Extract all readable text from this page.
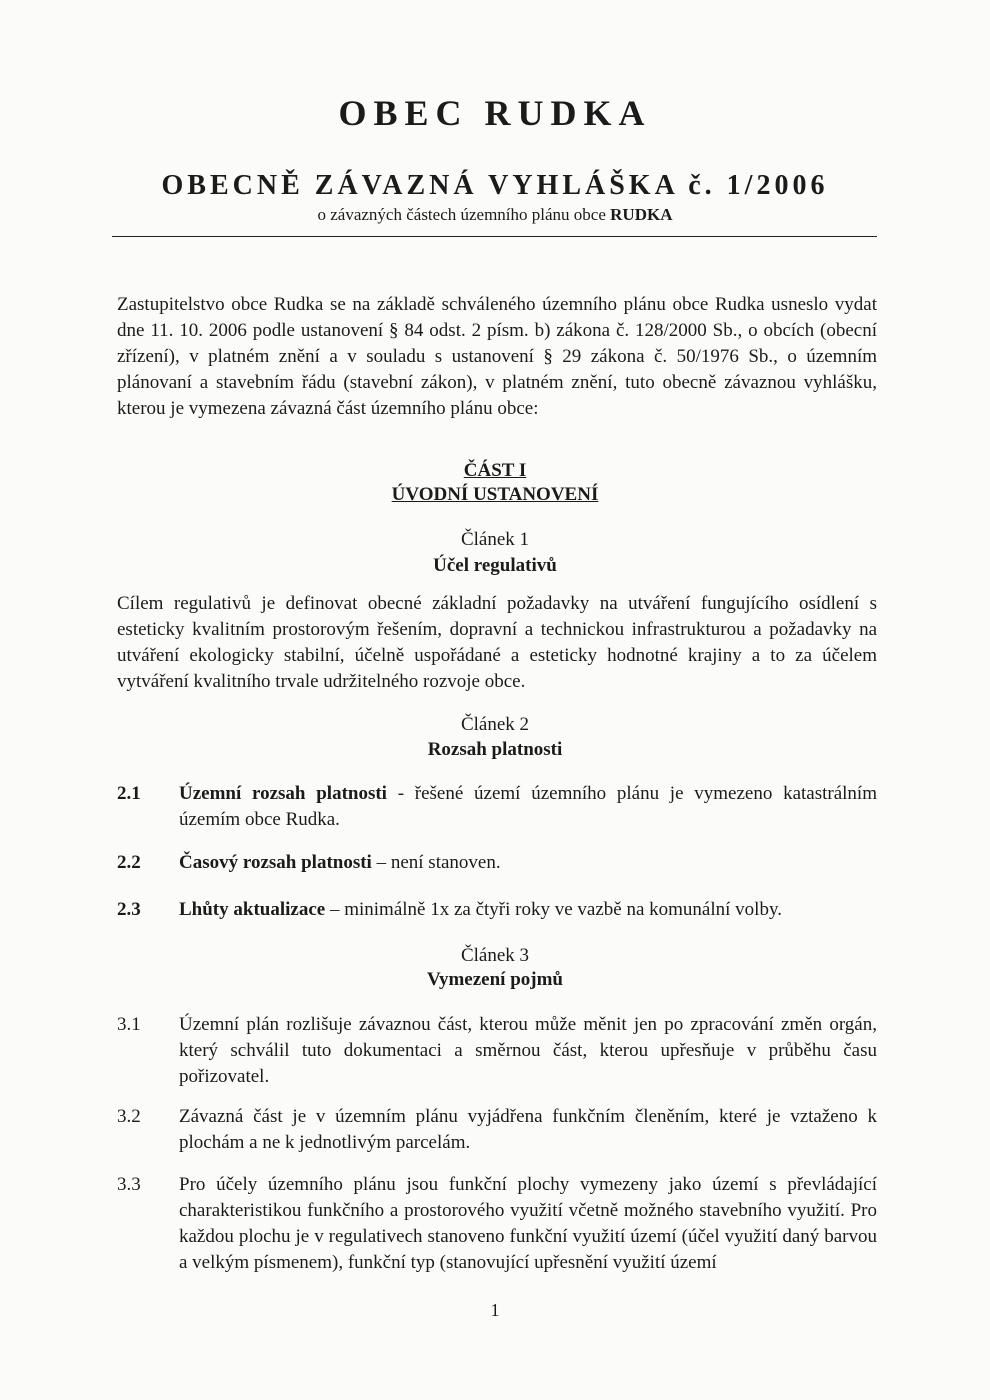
OBEC RUDKA
OBECNĚ ZÁVAZNÁ VYHLÁŠKA č. 1/2006
o závazných částech územního plánu obce RUDKA
Zastupitelstvo obce Rudka se na základě schváleného územního plánu obce Rudka usneslo vydat dne 11. 10. 2006 podle ustanovení § 84 odst. 2 písm. b) zákona č. 128/2000 Sb., o obcích (obecní zřízení), v platném znění a v souladu s ustanovení § 29 zákona č. 50/1976 Sb., o územním plánovaní a stavebním řádu (stavební zákon), v platném znění, tuto obecně závaznou vyhlášku, kterou je vymezena závazná část územního plánu obce:
ČÁST I
ÚVODNÍ USTANOVENÍ
Článek 1
Účel regulativů
Cílem regulativů je definovat obecné základní požadavky na utváření fungujícího osídlení s esteticky kvalitním prostorovým řešením, dopravní a technickou infrastrukturou a požadavky na utváření ekologicky stabilní, účelně uspořádané a esteticky hodnotné krajiny a to za účelem vytváření kvalitního trvale udržitelného rozvoje obce.
Článek 2
Rozsah platnosti
2.1	Územní rozsah platnosti - řešené území územního plánu je vymezeno katastrálním územím obce Rudka.
2.2	Časový rozsah platnosti – není stanoven.
2.3	Lhůty aktualizace – minimálně 1x za čtyři roky ve vazbě na komunální volby.
Článek 3
Vymezení pojmů
3.1	Územní plán rozlišuje závaznou část, kterou může měnit jen po zpracování změn orgán, který schválil tuto dokumentaci a směrnou část, kterou upřesňuje v průběhu času pořizovatel.
3.2	Závazná část je v územním plánu vyjádřena funkčním členěním, které je vztaženo k plochám a ne k jednotlivým parcelám.
3.3	Pro účely územního plánu jsou funkční plochy vymezeny jako území s převládající charakteristikou funkčního a prostorového využití včetně možného stavebního využití. Pro každou plochu je v regulativech stanoveno funkční využití území (účel využití daný barvou a velkým písmenem), funkční typ (stanovující upřesnění využití území
1
